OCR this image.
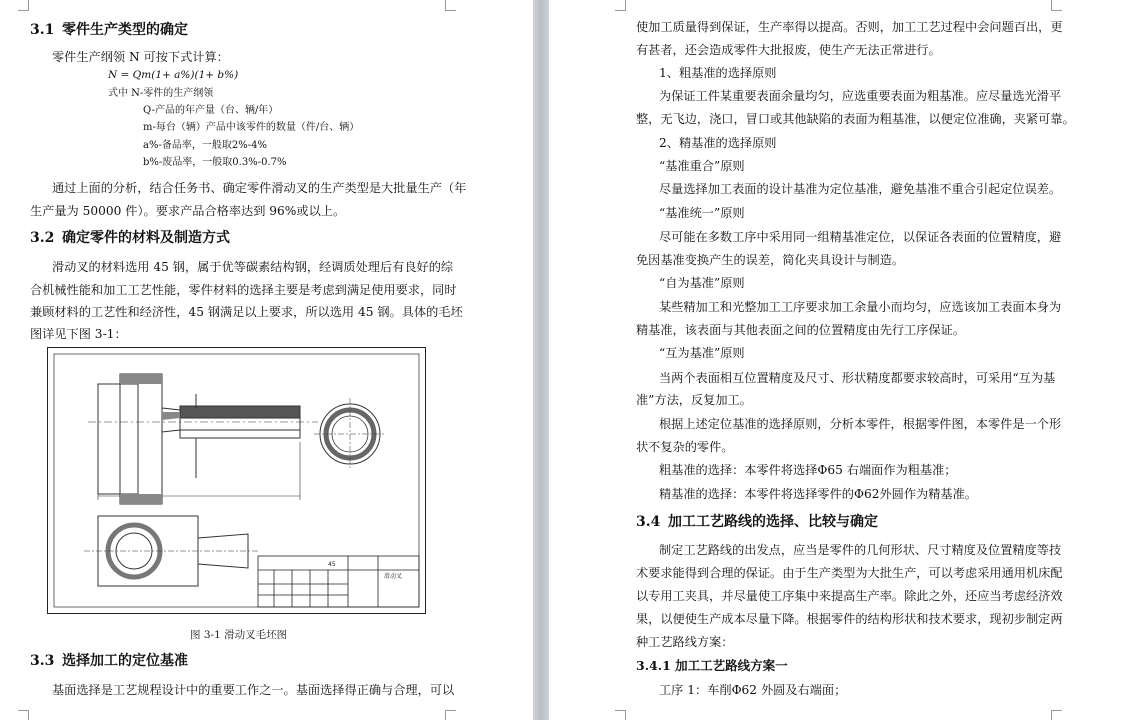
3.1 零件生产类型的确定
零件生产纲领 N 可按下式计算：
N = Qm(1+ a%)(1+ b%)
式中 N-零件的生产纲领
Q-产品的年产量（台、辆/年）
m-每台（辆）产品中该零件的数量（件/台、辆）
a%-备品率，一般取2%-4%
b%-废品率，一般取0.3%-0.7%
通过上面的分析，结合任务书、确定零件滑动叉的生产类型是大批量生产（年
生产量为 50000 件）。要求产品合格率达到 96%或以上。
3.2 确定零件的材料及制造方式
滑动叉的材料选用 45 钢，属于优等碳素结构钢，经调质处理后有良好的综
合机械性能和加工工艺性能，零件材料的选择主要是考虑到满足使用要求，同时
兼顾材料的工艺性和经济性，45 钢满足以上要求，所以选用 45 钢。具体的毛坯
图详见下图 3-1：
45
滑动叉
图 3-1 滑动叉毛坯图
3.3 选择加工的定位基准
基面选择是工艺规程设计中的重要工作之一。基面选择得正确与合理，可以
使加工质量得到保证，生产率得以提高。否则，加工工艺过程中会问题百出，更
有甚者，还会造成零件大批报废，使生产无法正常进行。
1、粗基准的选择原则
为保证工件某重要表面余量均匀，应选重要表面为粗基准。应尽量选光滑平
整，无飞边，浇口，冒口或其他缺陷的表面为粗基准，以便定位准确，夹紧可靠。
2、精基准的选择原则
“基准重合”原则
尽量选择加工表面的设计基准为定位基准，避免基准不重合引起定位误差。
“基准统一”原则
尽可能在多数工序中采用同一组精基准定位，以保证各表面的位置精度，避
免因基准变换产生的误差，简化夹具设计与制造。
“自为基准”原则
某些精加工和光整加工工序要求加工余量小而均匀，应选该加工表面本身为
精基准，该表面与其他表面之间的位置精度由先行工序保证。
“互为基准”原则
当两个表面相互位置精度及尺寸、形状精度都要求较高时，可采用“互为基
准”方法，反复加工。
根据上述定位基准的选择原则，分析本零件，根据零件图，本零件是一个形
状不复杂的零件。
粗基准的选择：本零件将选择Φ65 右端面作为粗基准；
精基准的选择：本零件将选择零件的Φ62外圆作为精基准。
3.4 加工工艺路线的选择、比较与确定
制定工艺路线的出发点，应当是零件的几何形状、尺寸精度及位置精度等技
术要求能得到合理的保证。由于生产类型为大批生产，可以考虑采用通用机床配
以专用工夹具，并尽量使工序集中来提高生产率。除此之外，还应当考虑经济效
果，以便使生产成本尽量下降。根据零件的结构形状和技术要求，现初步制定两
种工艺路线方案：
3.4.1 加工工艺路线方案一
工序 1：车削Φ62 外圆及右端面；
